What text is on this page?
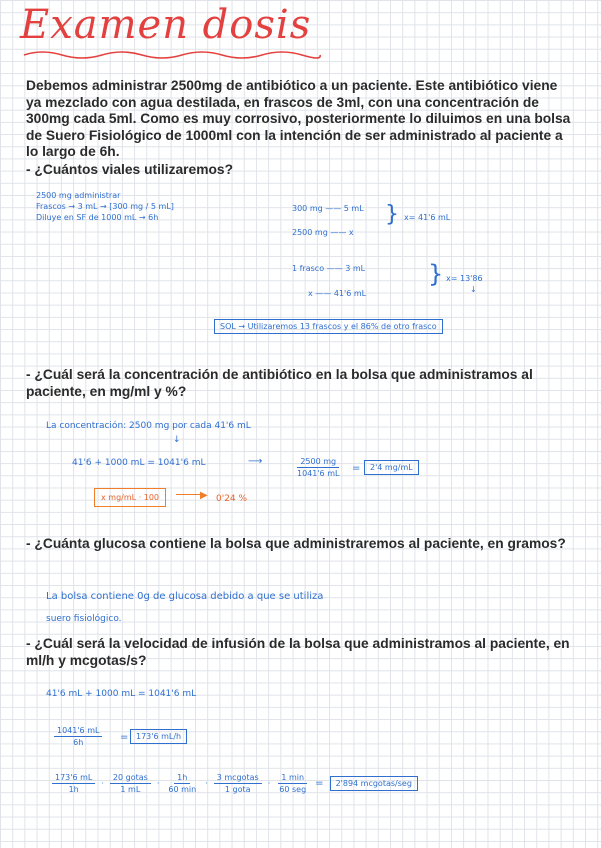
Examen dosis
Debemos administrar 2500mg de antibiótico a un paciente. Este antibiótico viene ya mezclado con agua destilada, en frascos de 3ml, con una concentración de 300mg cada 5ml. Como es muy corrosivo, posteriormente lo diluimos en una bolsa de Suero Fisiológico de 1000ml con la intención de ser administrado al paciente a lo largo de 6h.
- ¿Cuántos viales utilizaremos?
2500 mg administrar
Frascos → 3 mL → [300 mg / 5 mL]
Diluye en SF de 1000 mL → 6h
300 mg —— 5 mL
2500 mg —— x
} x= 41'6 mL
1 frasco —— 3 mL
x —— 41'6 mL
} x= 13'86
↓
SOL → Utilizaremos 13 frascos y el 86% de otro frasco
- ¿Cuál será la concentración de antibiótico en la bolsa que administramos al paciente, en mg/ml y %?
La concentración: 2500 mg por cada 41'6 mL
↓
41'6 + 1000 mL = 1041'6 mL	⟶	$\frac{2500 mg}{1041'6 mL}$ =	2'4 mg/mL
x mg/mL · 100	▶ 0'24 %
- ¿Cuánta glucosa contiene la bolsa que administraremos al paciente, en gramos?
La bolsa contiene 0g de glucosa debido a que se utiliza
suero fisiológico.
- ¿Cuál será la velocidad de infusión de la bolsa que administramos al paciente, en ml/h y mcgotas/s?
41'6 mL + 1000 mL = 1041'6 mL
$\frac{1041'6 mL}{6h} = 173'6$ mL/h
$\frac{173'6 mL}{1h} \cdot \frac{\text{20 gotas}}{1 mL} \cdot \frac{1h}{60 \min} \cdot \frac{\text{3 mcgotas}}{\text{1 gota}} \cdot \frac{1 \min}{\text{60 seg}}$ =	2'894 mcgotas/seg
